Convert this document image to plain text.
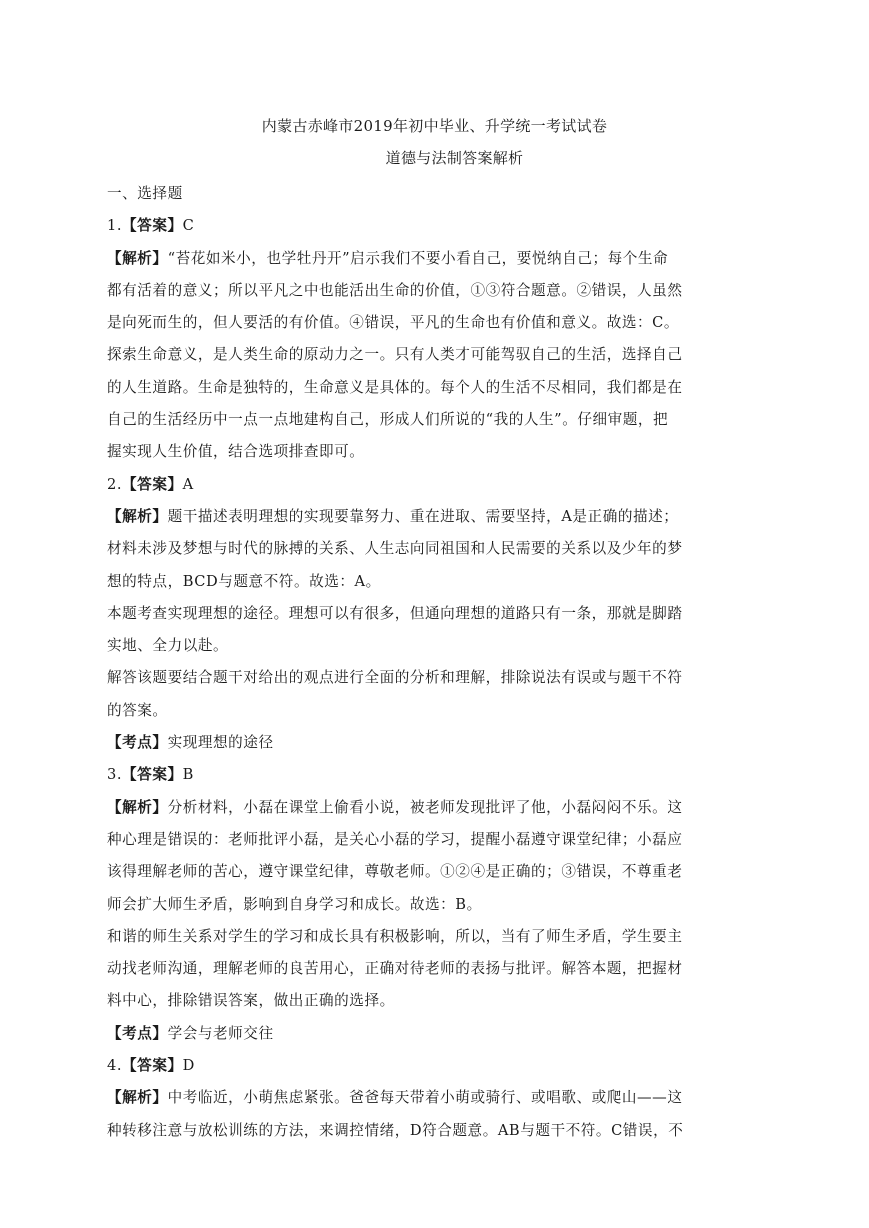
内蒙古赤峰市2019年初中毕业、升学统一考试试卷
道德与法制答案解析
一、选择题
1.【答案】C
【解析】“苔花如米小，也学牡丹开”启示我们不要小看自己，要悦纳自己；每个生命
都有活着的意义；所以平凡之中也能活出生命的价值，①③符合题意。②错误，人虽然
是向死而生的，但人要活的有价值。④错误，平凡的生命也有价值和意义。故选：C。
探索生命意义，是人类生命的原动力之一。只有人类才可能驾驭自己的生活，选择自己
的人生道路。生命是独特的，生命意义是具体的。每个人的生活不尽相同，我们都是在
自己的生活经历中一点一点地建构自己，形成人们所说的“我的人生”。仔细审题，把
握实现人生价值，结合选项排查即可。
2.【答案】A
【解析】题干描述表明理想的实现要靠努力、重在进取、需要坚持，A是正确的描述；
材料未涉及梦想与时代的脉搏的关系、人生志向同祖国和人民需要的关系以及少年的梦
想的特点，BCD与题意不符。故选：A。
本题考查实现理想的途径。理想可以有很多，但通向理想的道路只有一条，那就是脚踏
实地、全力以赴。
解答该题要结合题干对给出的观点进行全面的分析和理解，排除说法有误或与题干不符
的答案。
【考点】实现理想的途径
3.【答案】B
【解析】分析材料，小磊在课堂上偷看小说，被老师发现批评了他，小磊闷闷不乐。这
种心理是错误的：老师批评小磊，是关心小磊的学习，提醒小磊遵守课堂纪律；小磊应
该得理解老师的苦心，遵守课堂纪律，尊敬老师。①②④是正确的；③错误，不尊重老
师会扩大师生矛盾，影响到自身学习和成长。故选：B。
和谐的师生关系对学生的学习和成长具有积极影响，所以，当有了师生矛盾，学生要主
动找老师沟通，理解老师的良苦用心，正确对待老师的表扬与批评。解答本题，把握材
料中心，排除错误答案，做出正确的选择。
【考点】学会与老师交往
4.【答案】D
【解析】中考临近，小萌焦虑紧张。爸爸每天带着小萌或骑行、或唱歌、或爬山——这
种转移注意与放松训练的方法，来调控情绪，D符合题意。AB与题干不符。C错误，不
